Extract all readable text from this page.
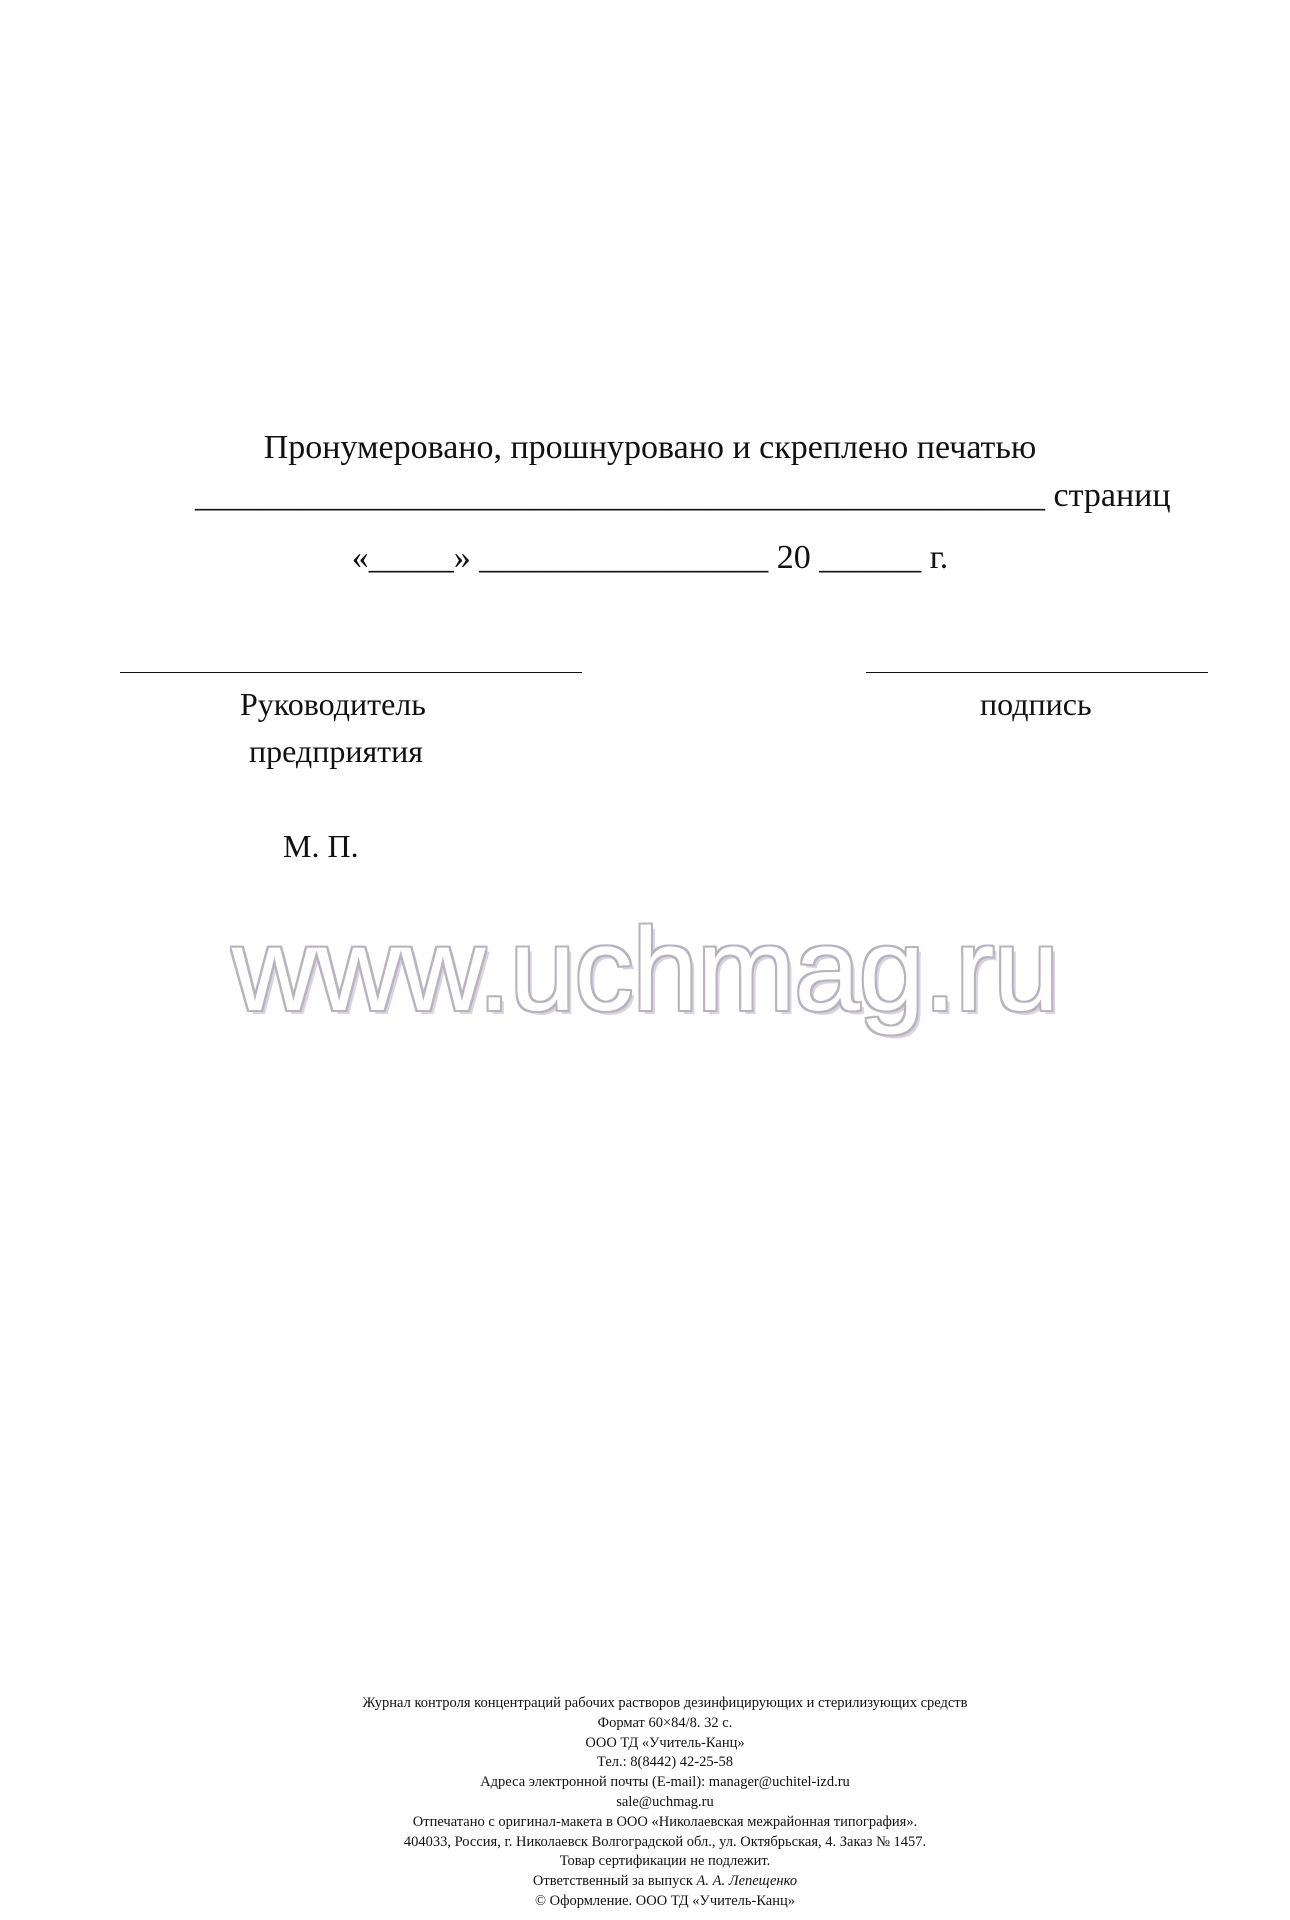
Пронумеровано, прошнуровано и скреплено печатью
__________________________________________________ страниц
«_____» _________________ 20 ______ г.
Руководитель
предприятия
подпись
М. П.
www.uchmag.ru
Журнал контроля концентраций рабочих растворов дезинфицирующих и стерилизующих средств
Формат 60×84/8. 32 с.
ООО ТД «Учитель-Канц»
Тел.: 8(8442) 42-25-58
Адреса электронной почты (E-mail): manager@uchitel-izd.ru
sale@uchmag.ru
Отпечатано с оригинал-макета в ООО «Николаевская межрайонная типография».
404033, Россия, г. Николаевск Волгоградской обл., ул. Октябрьская, 4. Заказ № 1457.
Товар сертификации не подлежит.
Ответственный за выпуск А. А. Лепещенко
© Оформление. ООО ТД «Учитель-Канц»
